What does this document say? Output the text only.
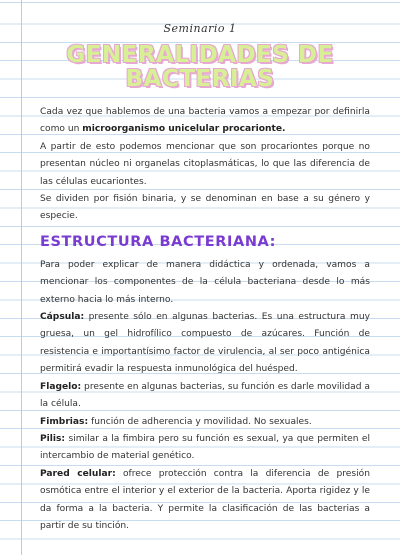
Seminario 1
GENERALIDADES DE
BACTERIAS

Cada vez que hablemos de una bacteria vamos a empezar por definirla como un microorganismo unicelular procarionte.

A partir de esto podemos mencionar que son procariontes porque no presentan núcleo ni organelas citoplasmáticas, lo que las diferencia de las células eucariontes.

Se dividen por fisión binaria, y se denominan en base a su género y especie.

ESTRUCTURA BACTERIANA:

Para poder explicar de manera didáctica y ordenada, vamos a mencionar los componentes de la célula bacteriana desde lo más externo hacia lo más interno.

Cápsula: presente sólo en algunas bacterias. Es una estructura muy gruesa, un gel hidrofílico compuesto de azúcares. Función de resistencia e importantísimo factor de virulencia, al ser poco antigénica permitirá evadir la respuesta inmunológica del huésped.

Flagelo: presente en algunas bacterias, su función es darle movilidad a la célula.

Fimbrias: función de adherencia y movilidad. No sexuales.

Pilis: similar a la fimbira pero su función es sexual, ya que permiten el intercambio de material genético.

Pared celular: ofrece protección contra la diferencia de presión osmótica entre el interior y el exterior de la bacteria. Aporta rigidez y le da forma a la bacteria. Y permite la clasificación de las bacterias a partir de su tinción.
